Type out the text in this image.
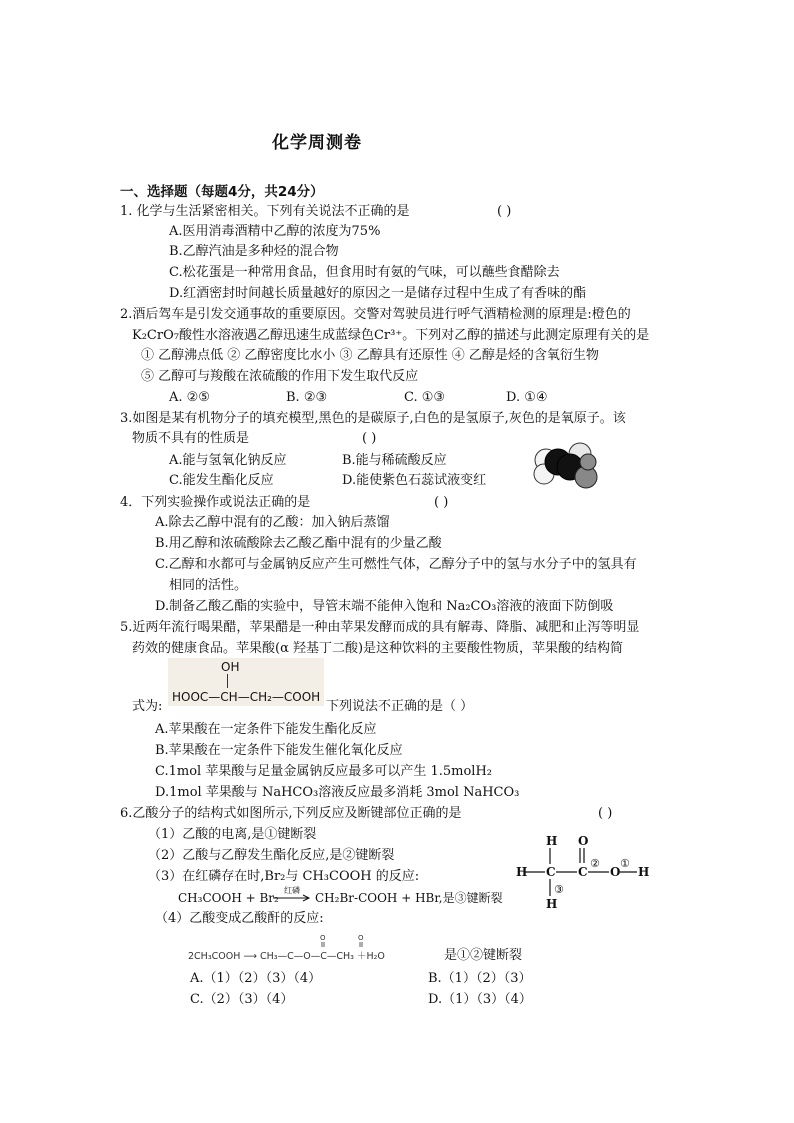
化学周测卷
一、选择题（每题4分，共24分）
1. 化学与生活紧密相关。下列有关说法不正确的是	( )
A.医用消毒酒精中乙醇的浓度为75%
B.乙醇汽油是多种烃的混合物
C.松花蛋是一种常用食品，但食用时有氨的气味，可以蘸些食醋除去
D.红酒密封时间越长质量越好的原因之一是储存过程中生成了有香味的酯
2.酒后驾车是引发交通事故的重要原因。交警对驾驶员进行呼气酒精检测的原理是:橙色的
K₂CrO₇酸性水溶液遇乙醇迅速生成蓝绿色Cr³⁺。下列对乙醇的描述与此测定原理有关的是
① 乙醇沸点低 ② 乙醇密度比水小 ③ 乙醇具有还原性 ④ 乙醇是烃的含氧衍生物
⑤ 乙醇可与羧酸在浓硫酸的作用下发生取代反应
A. ②⑤	B. ②③	C. ①③	D. ①④
3.如图是某有机物分子的填充模型,黑色的是碳原子,白色的是氢原子,灰色的是氧原子。该
物质不具有的性质是	( )
A.能与氢氧化钠反应	B.能与稀硫酸反应
C.能发生酯化反应	D.能使紫色石蕊试液变红
4．下列实验操作或说法正确的是	( )
A.除去乙醇中混有的乙酸：加入钠后蒸馏
B.用乙醇和浓硫酸除去乙酸乙酯中混有的少量乙酸
C.乙醇和水都可与金属钠反应产生可燃性气体，乙醇分子中的氢与水分子中的氢具有
相同的活性。
D.制备乙酸乙酯的实验中，导管末端不能伸入饱和 Na₂CO₃溶液的液面下防倒吸
5.近两年流行喝果醋，苹果醋是一种由苹果发酵而成的具有解毒、降脂、减肥和止泻等明显
药效的健康食品。苹果酸(α 羟基丁二酸)是这种饮料的主要酸性物质，苹果酸的结构简
OH
HOOC—CH—CH₂—COOH
式为:	下列说法不正确的是（ ）
A.苹果酸在一定条件下能发生酯化反应
B.苹果酸在一定条件下能发生催化氧化反应
C.1mol 苹果酸与足量金属钠反应最多可以产生 1.5molH₂
D.1mol 苹果酸与 NaHCO₃溶液反应最多消耗 3mol NaHCO₃
6.乙酸分子的结构式如图所示,下列反应及断键部位正确的是	( )
（1）乙酸的电离,是①键断裂
（2）乙酸与乙醇发生酯化反应,是②键断裂
（3）在红磷存在时,Br₂与 CH₃COOH 的反应:
CH₃COOH + Br₂
红磷
→ CH₂Br-COOH + HBr,是③键断裂
（4）乙酸变成乙酸酐的反应:
O	O
2CH₃COOH ⟶ CH₃—C—O—C—CH₃ ＋H₂O	是①②键断裂
A.（1）（2）（3）（4）	B.（1）（2）（3）
C.（2）（3）（4）	D.（1）（3）（4）
H
H C C
O
O H
H
② ①
③
